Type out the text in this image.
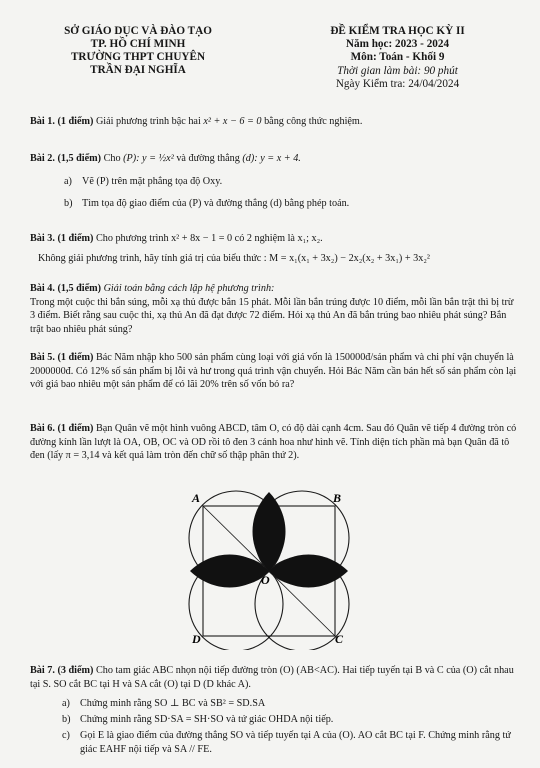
SỞ GIÁO DỤC VÀ ĐÀO TẠO
TP. HỒ CHÍ MINH
TRƯỜNG THPT CHUYÊN
TRẦN ĐẠI NGHĨA
ĐỀ KIỂM TRA HỌC KỲ II
Năm học: 2023 - 2024
Môn: Toán - Khối 9
Thời gian làm bài: 90 phút
Ngày Kiểm tra: 24/04/2024
Bài 1. (1 điểm) Giải phương trình bậc hai x² + x − 6 = 0 bằng công thức nghiệm.
Bài 2. (1,5 điểm) Cho (P): y = ½x² và đường thẳng (d): y = x + 4.
a) Vẽ (P) trên mặt phẳng tọa độ Oxy.
b) Tìm tọa độ giao điểm của (P) và đường thẳng (d) bằng phép toán.
Bài 3. (1 điểm) Cho phương trình x² + 8x − 1 = 0 có 2 nghiệm là x₁; x₂.
Không giải phương trình, hãy tính giá trị của biểu thức : M = x₁(x₁ + 3x₂) − 2x₂(x₂ + 3x₁) + 3x₂²
Bài 4. (1,5 điểm) Giải toán bằng cách lập hệ phương trình:
Trong một cuộc thi bắn súng, mỗi xạ thủ được bắn 15 phát. Mỗi lần bắn trúng được 10 điểm, mỗi lần bắn trật thì bị trừ 3 điểm. Biết rằng sau cuộc thi, xạ thủ An đã đạt được 72 điểm. Hỏi xạ thủ An đã bắn trúng bao nhiêu phát súng? Bắn trật bao nhiêu phát súng?
Bài 5. (1 điểm) Bác Năm nhập kho 500 sản phẩm cùng loại với giá vốn là 150000đ/sản phẩm và chi phí vận chuyển là 2000000đ. Có 12% số sản phẩm bị lỗi và hư trong quá trình vận chuyển. Hỏi Bác Năm cần bán hết số sản phẩm còn lại với giá bao nhiêu một sản phẩm để có lãi 20% trên số vốn bỏ ra?
Bài 6. (1 điểm) Bạn Quân vẽ một hình vuông ABCD, tâm O, có độ dài cạnh 4cm. Sau đó Quân vẽ tiếp 4 đường tròn có đường kính lần lượt là OA, OB, OC và OD rồi tô đen 3 cánh hoa như hình vẽ. Tính diện tích phần mà bạn Quân đã tô đen (lấy π = 3,14 và kết quả làm tròn đến chữ số thập phân thứ 2).
A	B
D	C
O
Bài 7. (3 điểm) Cho tam giác ABC nhọn nội tiếp đường tròn (O) (AB<AC). Hai tiếp tuyến tại B và C của (O) cắt nhau tại S. SO cắt BC tại H và SA cắt (O) tại D (D khác A).
a) Chứng minh rằng SO ⊥ BC và SB² = SD.SA
b) Chứng minh rằng SD·SA = SH·SO và tứ giác OHDA nội tiếp.
c) Gọi E là giao điểm của đường thẳng SO và tiếp tuyến tại A của (O). AO cắt BC tại F. Chứng minh rằng tứ giác EAHF nội tiếp và SA // FE.
